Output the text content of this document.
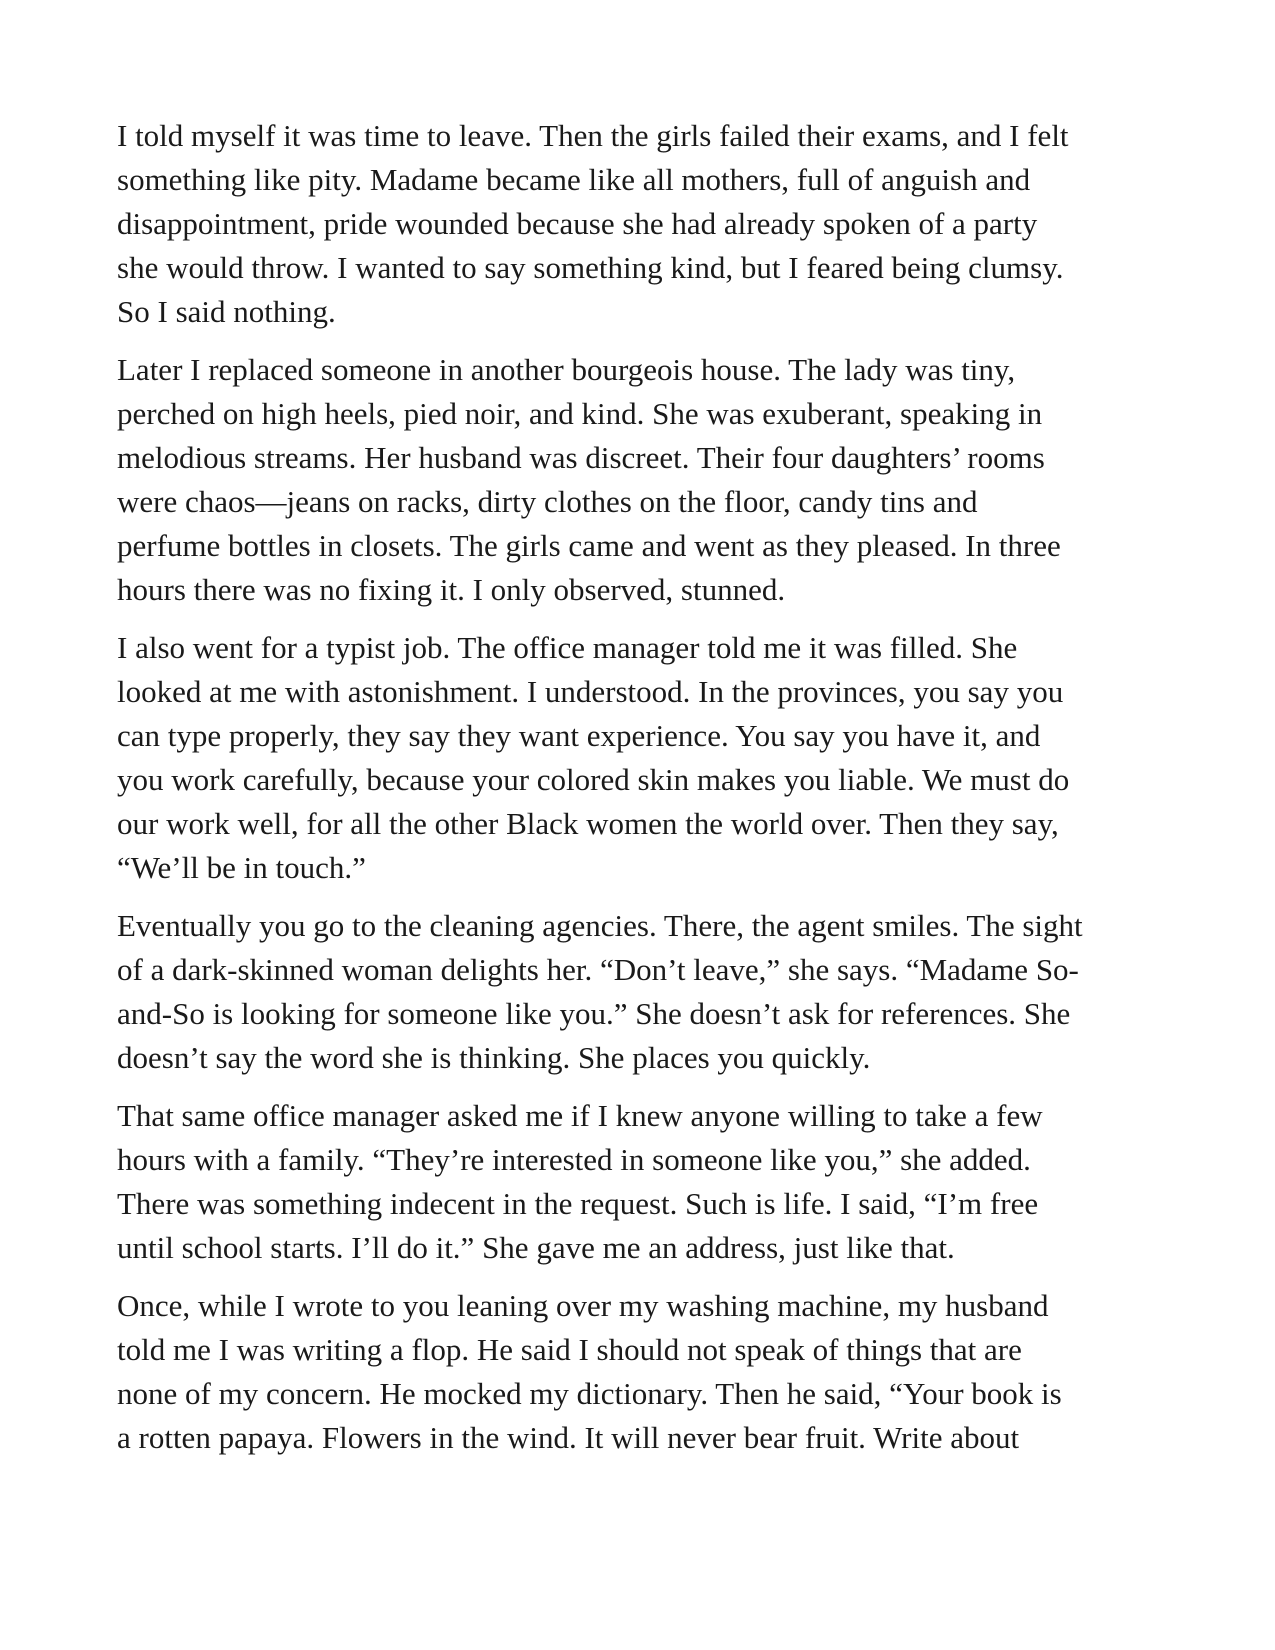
I told myself it was time to leave. Then the girls failed their exams, and I felt
something like pity. Madame became like all mothers, full of anguish and
disappointment, pride wounded because she had already spoken of a party
she would throw. I wanted to say something kind, but I feared being clumsy.
So I said nothing.

Later I replaced someone in another bourgeois house. The lady was tiny,
perched on high heels, pied noir, and kind. She was exuberant, speaking in
melodious streams. Her husband was discreet. Their four daughters’ rooms
were chaos—jeans on racks, dirty clothes on the floor, candy tins and
perfume bottles in closets. The girls came and went as they pleased. In three
hours there was no fixing it. I only observed, stunned.

I also went for a typist job. The office manager told me it was filled. She
looked at me with astonishment. I understood. In the provinces, you say you
can type properly, they say they want experience. You say you have it, and
you work carefully, because your colored skin makes you liable. We must do
our work well, for all the other Black women the world over. Then they say,
“We’ll be in touch.”

Eventually you go to the cleaning agencies. There, the agent smiles. The sight
of a dark-skinned woman delights her. “Don’t leave,” she says. “Madame So-
and-So is looking for someone like you.” She doesn’t ask for references. She
doesn’t say the word she is thinking. She places you quickly.

That same office manager asked me if I knew anyone willing to take a few
hours with a family. “They’re interested in someone like you,” she added.
There was something indecent in the request. Such is life. I said, “I’m free
until school starts. I’ll do it.” She gave me an address, just like that.

Once, while I wrote to you leaning over my washing machine, my husband
told me I was writing a flop. He said I should not speak of things that are
none of my concern. He mocked my dictionary. Then he said, “Your book is
a rotten papaya. Flowers in the wind. It will never bear fruit. Write about
